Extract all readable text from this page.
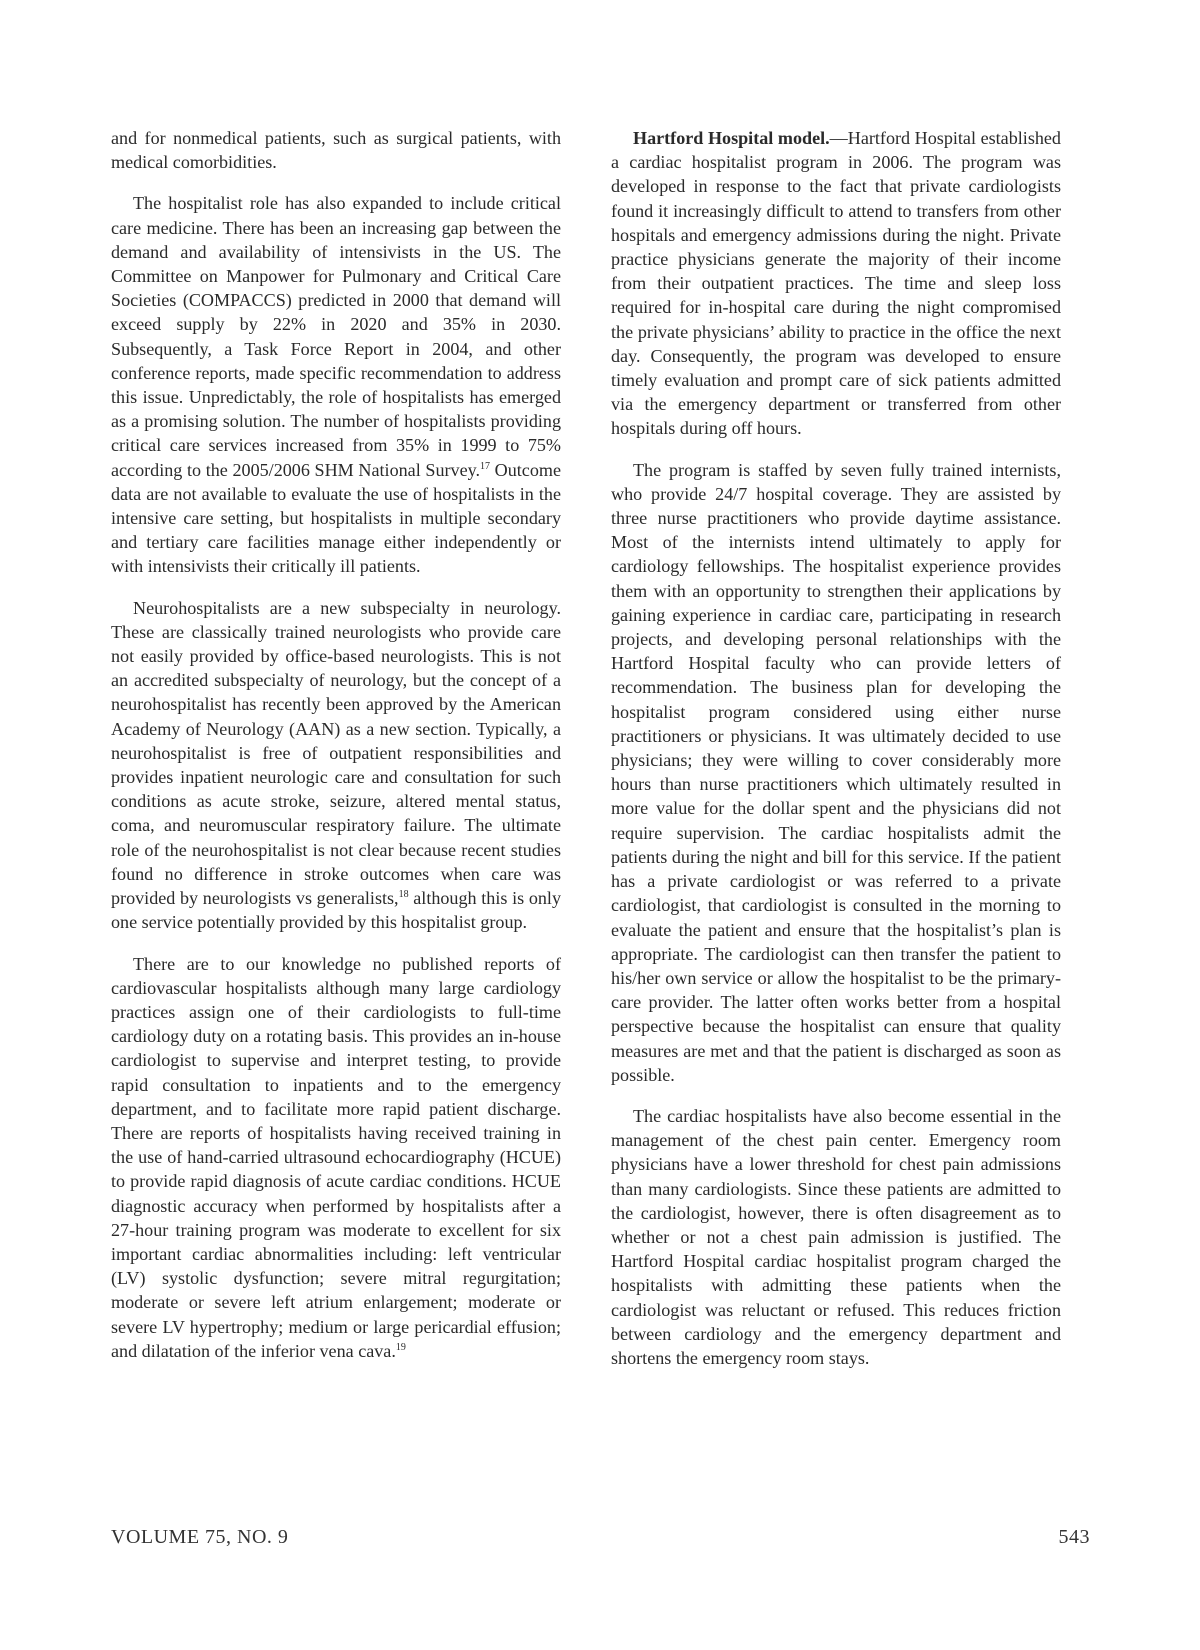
and for nonmedical patients, such as surgical patients, with medical comorbidities.

The hospitalist role has also expanded to include critical care medicine. There has been an increasing gap between the demand and availability of intensivists in the US. The Committee on Manpower for Pulmonary and Critical Care Societies (COMPACCS) predicted in 2000 that demand will exceed supply by 22% in 2020 and 35% in 2030. Subsequently, a Task Force Report in 2004, and other conference reports, made specific recommendation to address this issue. Unpredictably, the role of hospitalists has emerged as a promising solution. The number of hospitalists providing critical care services increased from 35% in 1999 to 75% according to the 2005/2006 SHM National Survey.$^{17}$ Outcome data are not available to evaluate the use of hospitalists in the intensive care setting, but hospitalists in multiple secondary and tertiary care facilities manage either independently or with intensivists their critically ill patients.

Neurohospitalists are a new subspecialty in neurology. These are classically trained neurologists who provide care not easily provided by office-based neurologists. This is not an accredited subspecialty of neurology, but the concept of a neurohospitalist has recently been approved by the American Academy of Neurology (AAN) as a new section. Typically, a neurohospitalist is free of outpatient responsibilities and provides inpatient neurologic care and consultation for such conditions as acute stroke, seizure, altered mental status, coma, and neuromuscular respiratory failure. The ultimate role of the neurohospitalist is not clear because recent studies found no difference in stroke outcomes when care was provided by neurologists vs generalists,$^{18}$ although this is only one service potentially provided by this hospitalist group.

There are to our knowledge no published reports of cardiovascular hospitalists although many large cardiology practices assign one of their cardiologists to full-time cardiology duty on a rotating basis. This provides an in-house cardiologist to supervise and interpret testing, to provide rapid consultation to inpatients and to the emergency department, and to facilitate more rapid patient discharge. There are reports of hospitalists having received training in the use of hand-carried ultrasound echocardiography (HCUE) to provide rapid diagnosis of acute cardiac conditions. HCUE diagnostic accuracy when performed by hospitalists after a 27-hour training program was moderate to excellent for six important cardiac abnormalities including: left ventricular (LV) systolic dysfunction; severe mitral regurgitation; moderate or severe left atrium enlargement; moderate or severe LV hypertrophy; medium or large pericardial effusion; and dilatation of the inferior vena cava.$^{19}$

Hartford Hospital model.—Hartford Hospital established a cardiac hospitalist program in 2006. The program was developed in response to the fact that private cardiologists found it increasingly difficult to attend to transfers from other hospitals and emergency admissions during the night. Private practice physicians generate the majority of their income from their outpatient practices. The time and sleep loss required for in-hospital care during the night compromised the private physicians’ ability to practice in the office the next day. Consequently, the program was developed to ensure timely evaluation and prompt care of sick patients admitted via the emergency department or transferred from other hospitals during off hours.

The program is staffed by seven fully trained internists, who provide 24/7 hospital coverage. They are assisted by three nurse practitioners who provide daytime assistance. Most of the internists intend ultimately to apply for cardiology fellowships. The hospitalist experience provides them with an opportunity to strengthen their applications by gaining experience in cardiac care, participating in research projects, and developing personal relationships with the Hartford Hospital faculty who can provide letters of recommendation. The business plan for developing the hospitalist program considered using either nurse practitioners or physicians. It was ultimately decided to use physicians; they were willing to cover considerably more hours than nurse practitioners which ultimately resulted in more value for the dollar spent and the physicians did not require supervision. The cardiac hospitalists admit the patients during the night and bill for this service. If the patient has a private cardiologist or was referred to a private cardiologist, that cardiologist is consulted in the morning to evaluate the patient and ensure that the hospitalist’s plan is appropriate. The cardiologist can then transfer the patient to his/her own service or allow the hospitalist to be the primary-care provider. The latter often works better from a hospital perspective because the hospitalist can ensure that quality measures are met and that the patient is discharged as soon as possible.

The cardiac hospitalists have also become essential in the management of the chest pain center. Emergency room physicians have a lower threshold for chest pain admissions than many cardiologists. Since these patients are admitted to the cardiologist, however, there is often disagreement as to whether or not a chest pain admission is justified. The Hartford Hospital cardiac hospitalist program charged the hospitalists with admitting these patients when the cardiologist was reluctant or refused. This reduces friction between cardiology and the emergency department and shortens the emergency room stays.

VOLUME 75, NO. 9	543
